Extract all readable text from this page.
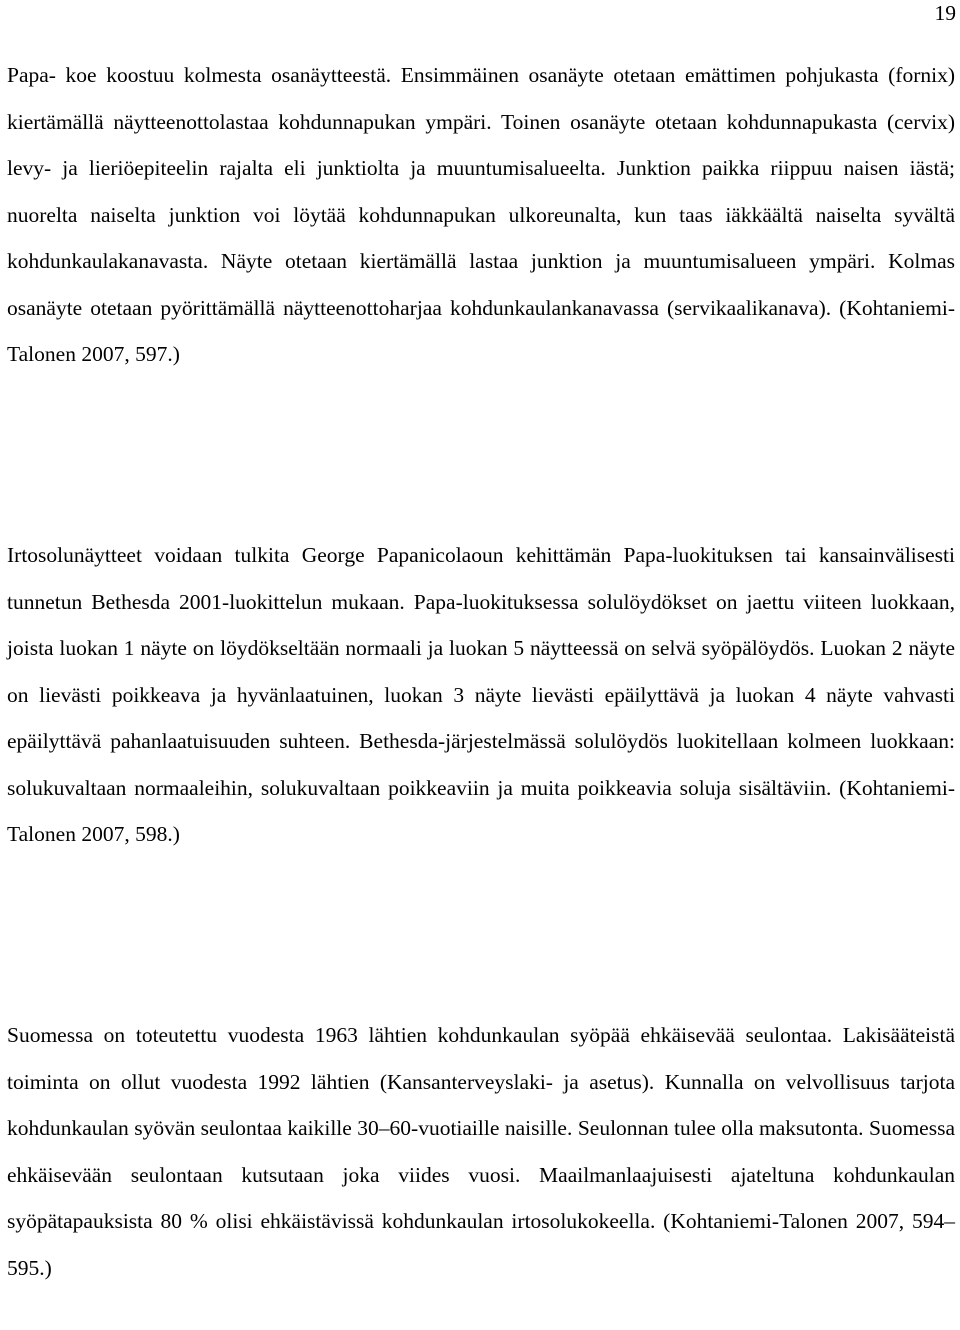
19

Papa- koe koostuu kolmesta osanäytteestä. Ensimmäinen osanäyte otetaan emättimen pohjukasta (fornix) kiertämällä näytteenottolastaa kohdunnapukan ympäri. Toinen osanäyte otetaan kohdunnapukasta (cervix) levy- ja lieriöepiteelin rajalta eli junktiolta ja muuntumisalueelta. Junktion paikka riippuu naisen iästä; nuorelta naiselta junktion voi löytää kohdunnapukan ulkoreunalta, kun taas iäkkäältä naiselta syvältä kohdunkaulakanavasta. Näyte otetaan kiertämällä lastaa junktion ja muuntumisalueen ympäri. Kolmas osanäyte otetaan pyörittämällä näytteenottoharjaa kohdunkaulankanavassa (servikaalikanava). (Kohtaniemi-Talonen 2007, 597.)

Irtosolunäytteet voidaan tulkita George Papanicolaoun kehittämän Papa-luokituksen tai kansainvälisesti tunnetun Bethesda 2001-luokittelun mukaan. Papa-luokituksessa solulöydökset on jaettu viiteen luokkaan, joista luokan 1 näyte on löydökseltään normaali ja luokan 5 näytteessä on selvä syöpälöydös. Luokan 2 näyte on lievästi poikkeava ja hyvänlaatuinen, luokan 3 näyte lievästi epäilyttävä ja luokan 4 näyte vahvasti epäilyttävä pahanlaatuisuuden suhteen. Bethesda-järjestelmässä solulöydös luokitellaan kolmeen luokkaan: solukuvaltaan normaaleihin, solukuvaltaan poikkeaviin ja muita poikkeavia soluja sisältäviin. (Kohtaniemi-Talonen 2007, 598.)

Suomessa on toteutettu vuodesta 1963 lähtien kohdunkaulan syöpää ehkäisevää seulontaa. Lakisääteistä toiminta on ollut vuodesta 1992 lähtien (Kansanterveyslaki- ja asetus). Kunnalla on velvollisuus tarjota kohdunkaulan syövän seulontaa kaikille 30–60-vuotiaille naisille. Seulonnan tulee olla maksutonta. Suomessa ehkäisevään seulontaan kutsutaan joka viides vuosi. Maailmanlaajuisesti ajateltuna kohdunkaulan syöpätapauksista 80 % olisi ehkäistävissä kohdunkaulan irtosolukokeella. (Kohtaniemi-Talonen 2007, 594–595.)
